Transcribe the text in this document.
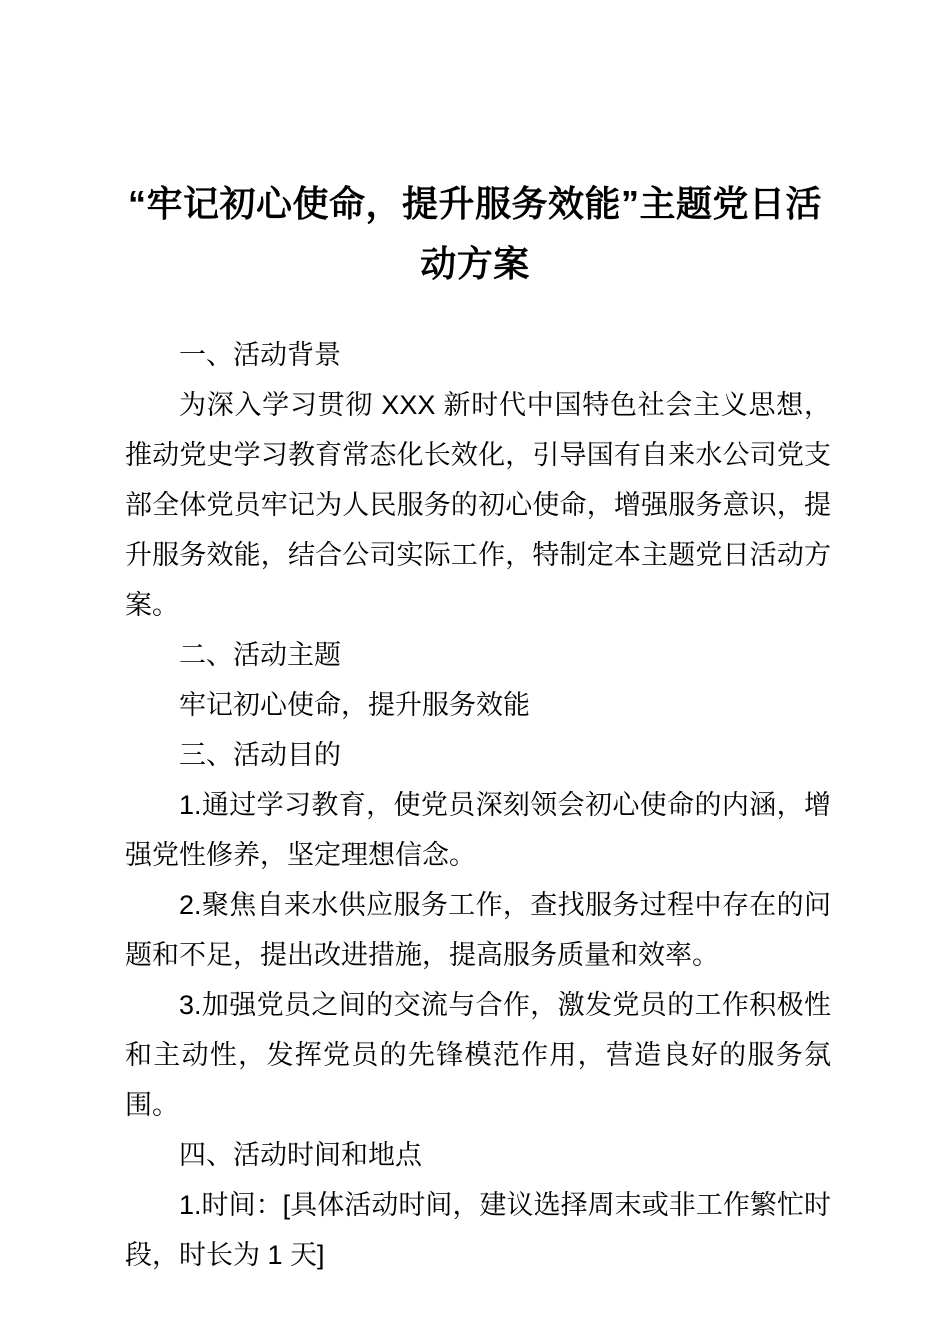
“牢记初心使命，提升服务效能”主题党日活动方案

一、活动背景

为深入学习贯彻 XXX 新时代中国特色社会主义思想，推动党史学习教育常态化长效化，引导国有自来水公司党支部全体党员牢记为人民服务的初心使命，增强服务意识，提升服务效能，结合公司实际工作，特制定本主题党日活动方案。

二、活动主题

牢记初心使命，提升服务效能

三、活动目的

1.通过学习教育，使党员深刻领会初心使命的内涵，增强党性修养，坚定理想信念。

2.聚焦自来水供应服务工作，查找服务过程中存在的问题和不足，提出改进措施，提高服务质量和效率。

3.加强党员之间的交流与合作，激发党员的工作积极性和主动性，发挥党员的先锋模范作用，营造良好的服务氛围。

四、活动时间和地点

1.时间：[具体活动时间，建议选择周末或非工作繁忙时段，时长为 1 天]
